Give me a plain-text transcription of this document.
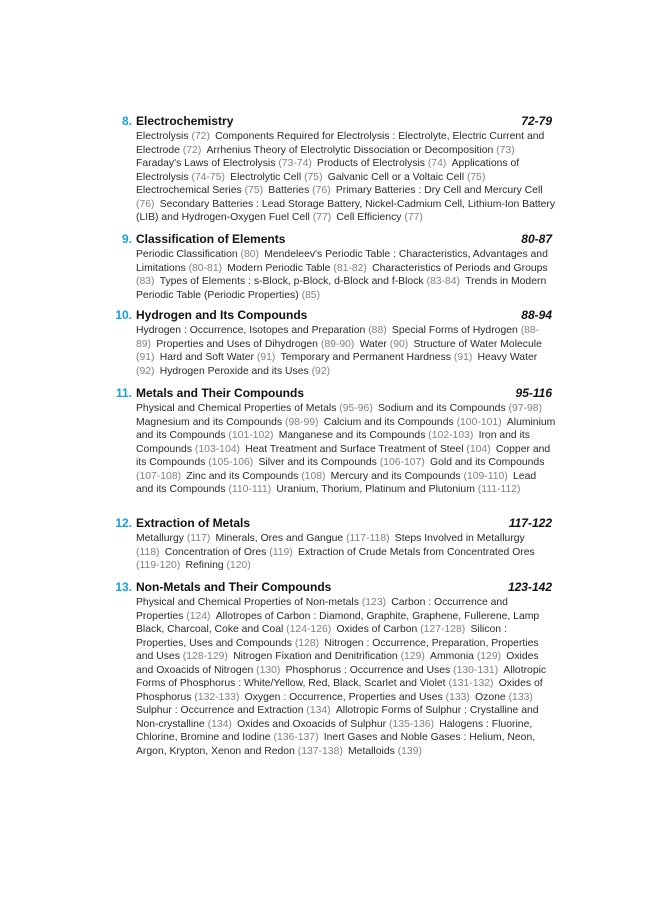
8. Electrochemistry	72-79
Electrolysis (72)  Components Required for Electrolysis : Electrolyte, Electric Current and Electrode (72)  Arrhenius Theory of Electrolytic Dissociation or Decomposition (73) Faraday's Laws of Electrolysis (73-74)  Products of Electrolysis (74)  Applications of Electrolysis (74-75)  Electrolytic Cell (75)  Galvanic Cell or a Voltaic Cell (75) Electrochemical Series (75)  Batteries (76)  Primary Batteries : Dry Cell and Mercury Cell (76)  Secondary Batteries : Lead Storage Battery, Nickel-Cadmium Cell, Lithium-Ion Battery (LIB) and Hydrogen-Oxygen Fuel Cell (77)  Cell Efficiency (77)
9. Classification of Elements	80-87
Periodic Classification (80)  Mendeleev's Periodic Table : Characteristics, Advantages and Limitations (80-81)  Modern Periodic Table (81-82)  Characteristics of Periods and Groups (83)  Types of Elements : s-Block, p-Block, d-Block and f-Block (83-84)  Trends in Modern Periodic Table (Periodic Properties) (85)
10. Hydrogen and Its Compounds	88-94
Hydrogen : Occurrence, Isotopes and Preparation (88)  Special Forms of Hydrogen (88-89)  Properties and Uses of Dihydrogen (89-90)  Water (90)  Structure of Water Molecule (91)  Hard and Soft Water (91)  Temporary and Permanent Hardness (91)  Heavy Water (92)  Hydrogen Peroxide and its Uses (92)
11. Metals and Their Compounds	95-116
Physical and Chemical Properties of Metals (95-96)  Sodium and its Compounds (97-98) Magnesium and its Compounds (98-99)  Calcium and its Compounds (100-101)  Aluminium and its Compounds (101-102)  Manganese and its Compounds (102-103)  Iron and its Compounds (103-104)  Heat Treatment and Surface Treatment of Steel (104)  Copper and its Compounds (105-106)  Silver and its Compounds (106-107)  Gold and its Compounds (107-108)  Zinc and its Compounds (108)  Mercury and its Compounds (109-110)  Lead and its Compounds (110-111)  Uranium, Thorium, Platinum and Plutonium (111-112)
12. Extraction of Metals	117-122
Metallurgy (117)  Minerals, Ores and Gangue (117-118)  Steps Involved in Metallurgy (118)  Concentration of Ores (119)  Extraction of Crude Metals from Concentrated Ores (119-120)  Refining (120)
13. Non-Metals and Their Compounds	123-142
Physical and Chemical Properties of Non-metals (123)  Carbon : Occurrence and Properties (124)  Allotropes of Carbon : Diamond, Graphite, Graphene, Fullerene, Lamp Black, Charcoal, Coke and Coal (124-126)  Oxides of Carbon (127-128)  Silicon : Properties, Uses and Compounds (128)  Nitrogen : Occurrence, Preparation, Properties and Uses (128-129)  Nitrogen Fixation and Denitrification (129)  Ammonia (129)  Oxides and Oxoacids of Nitrogen (130)  Phosphorus : Occurrence and Uses (130-131)  Allotropic Forms of Phosphorus : White/Yellow, Red, Black, Scarlet and Violet (131-132)  Oxides of Phosphorus (132-133)  Oxygen : Occurrence, Properties and Uses (133)  Ozone (133) Sulphur : Occurrence and Extraction (134)  Allotropic Forms of Sulphur : Crystalline and Non-crystalline (134)  Oxides and Oxoacids of Sulphur (135-136)  Halogens : Fluorine, Chlorine, Bromine and Iodine (136-137)  Inert Gases and Noble Gases : Helium, Neon, Argon, Krypton, Xenon and Redon (137-138)  Metalloids (139)
